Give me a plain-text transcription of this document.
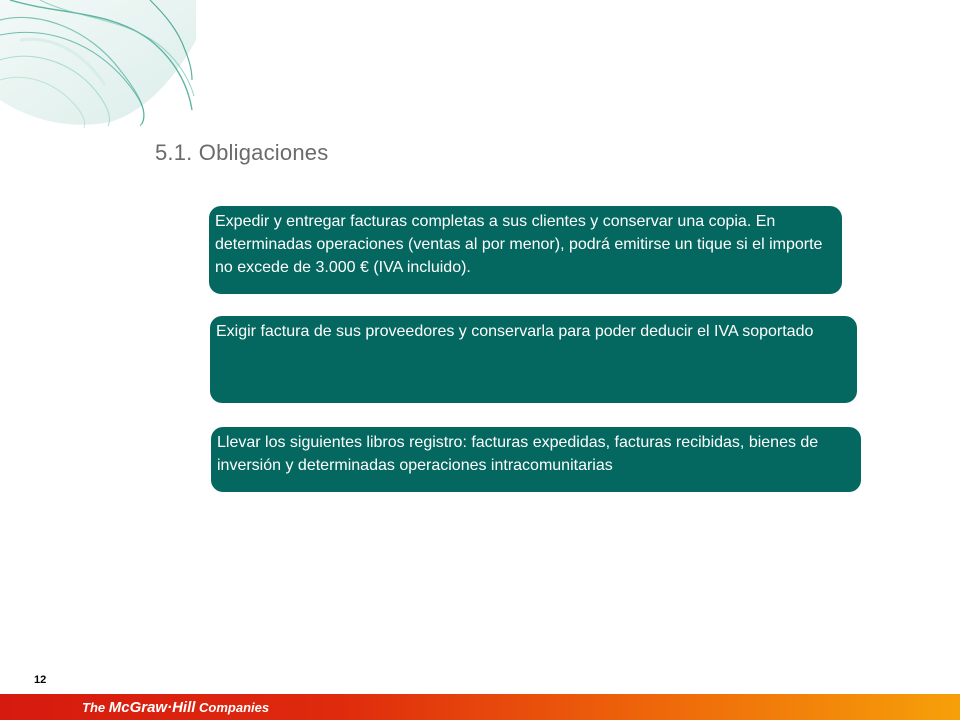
5.1. Obligaciones
Expedir y entregar facturas completas a sus clientes y conservar una copia. En determinadas operaciones (ventas al por menor), podrá emitirse un tique si el importe no excede de 3.000 € (IVA incluido).
Exigir factura de sus proveedores y conservarla para poder deducir el IVA soportado
Llevar los siguientes libros registro: facturas expedidas, facturas recibidas, bienes de inversión y determinadas operaciones intracomunitarias
12
The McGraw·Hill Companies
